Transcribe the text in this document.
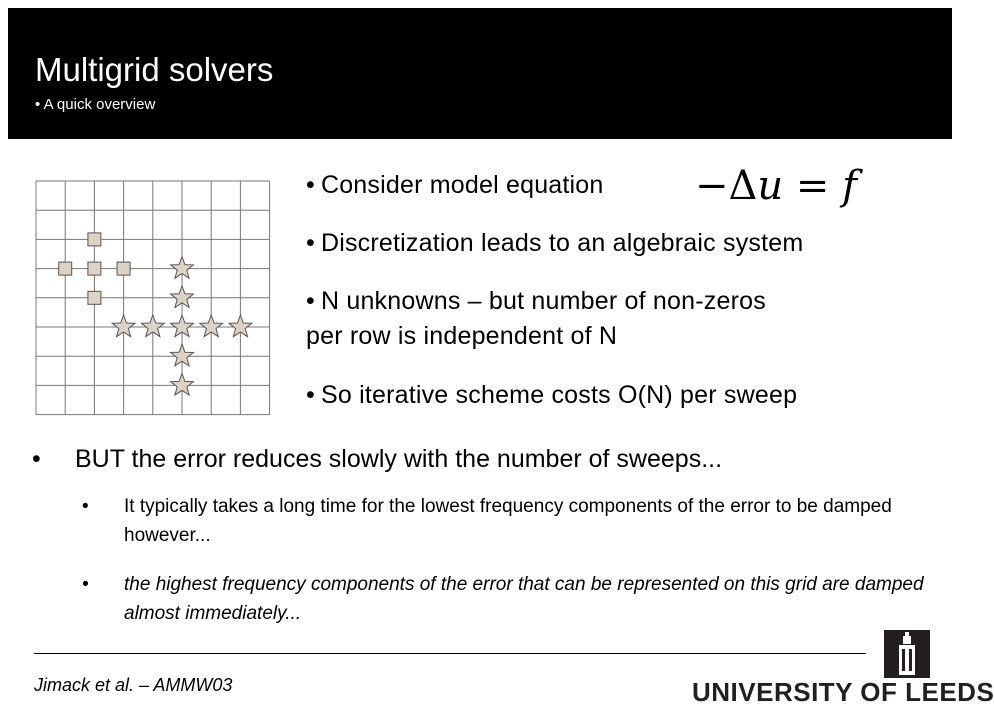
Multigrid solvers
• A quick overview
• Consider model equation −Δu = f
• Discretization leads to an algebraic system
• N unknowns – but number of non-zeros
per row is independent of N
• So iterative scheme costs O(N) per sweep
• BUT the error reduces slowly with the number of sweeps...
• It typically takes a long time for the lowest frequency components of the error to be damped however...
• the highest frequency components of the error that can be represented on this grid are damped almost immediately...
Jimack et al. – AMMW03	UNIVERSITY OF LEEDS
